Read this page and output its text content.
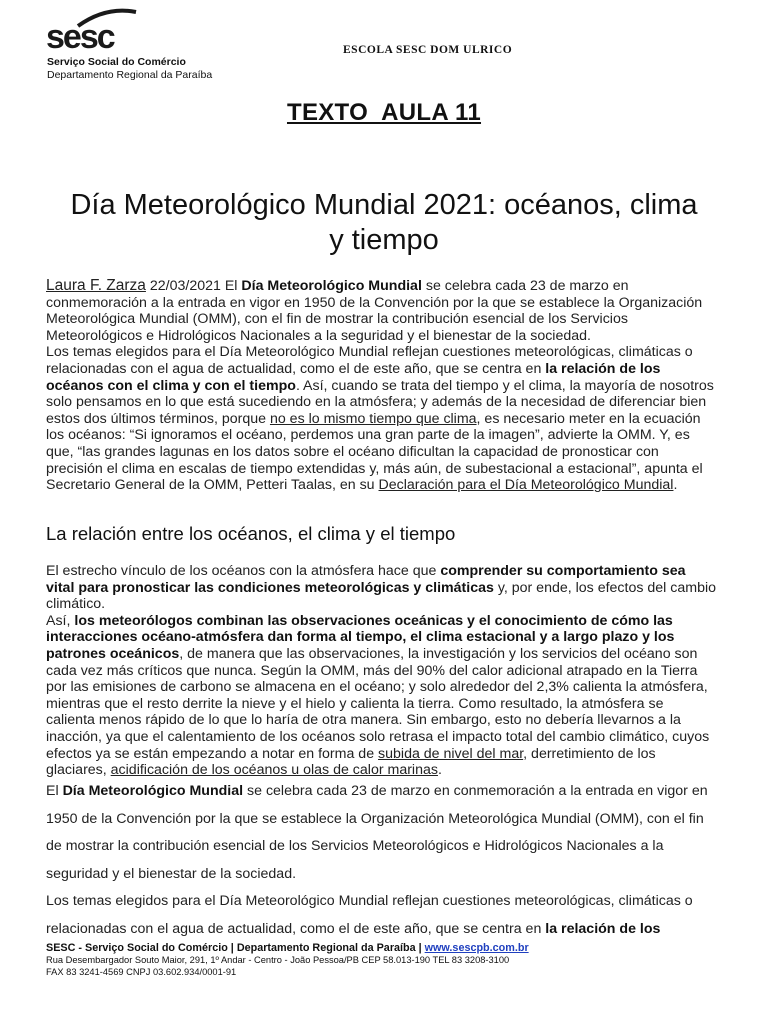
sesc
Serviço Social do Comércio
Departamento Regional da Paraíba
ESCOLA SESC DOM ULRICO
TEXTO  AULA 11
Día Meteorológico Mundial 2021: océanos, clima y tiempo

Laura F. Zarza 22/03/2021 El Día Meteorológico Mundial se celebra cada 23 de marzo en conmemoración a la entrada en vigor en 1950 de la Convención por la que se establece la Organización Meteorológica Mundial (OMM), con el fin de mostrar la contribución esencial de los Servicios Meteorológicos e Hidrológicos Nacionales a la seguridad y el bienestar de la sociedad.

Los temas elegidos para el Día Meteorológico Mundial reflejan cuestiones meteorológicas, climáticas o relacionadas con el agua de actualidad, como el de este año, que se centra en la relación de los océanos con el clima y con el tiempo. Así, cuando se trata del tiempo y el clima, la mayoría de nosotros solo pensamos en lo que está sucediendo en la atmósfera; y además de la necesidad de diferenciar bien estos dos últimos términos, porque no es lo mismo tiempo que clima, es necesario meter en la ecuación los océanos: “Si ignoramos el océano, perdemos una gran parte de la imagen”, advierte la OMM. Y, es que, “las grandes lagunas en los datos sobre el océano dificultan la capacidad de pronosticar con precisión el clima en escalas de tiempo extendidas y, más aún, de subestacional a estacional”, apunta el Secretario General de la OMM, Petteri Taalas, en su Declaración para el Día Meteorológico Mundial.

La relación entre los océanos, el clima y el tiempo

El estrecho vínculo de los océanos con la atmósfera hace que comprender su comportamiento sea vital para pronosticar las condiciones meteorológicas y climáticas y, por ende, los efectos del cambio climático.

Así, los meteorólogos combinan las observaciones oceánicas y el conocimiento de cómo las interacciones océano-atmósfera dan forma al tiempo, el clima estacional y a largo plazo y los patrones oceánicos, de manera que las observaciones, la investigación y los servicios del océano son cada vez más críticos que nunca. Según la OMM, más del 90% del calor adicional atrapado en la Tierra por las emisiones de carbono se almacena en el océano; y solo alrededor del 2,3% calienta la atmósfera, mientras que el resto derrite la nieve y el hielo y calienta la tierra. Como resultado, la atmósfera se calienta menos rápido de lo que lo haría de otra manera. Sin embargo, esto no debería llevarnos a la inacción, ya que el calentamiento de los océanos solo retrasa el impacto total del cambio climático, cuyos efectos ya se están empezando a notar en forma de subida de nivel del mar, derretimiento de los glaciares, acidificación de los océanos u olas de calor marinas.

El Día Meteorológico Mundial se celebra cada 23 de marzo en conmemoración a la entrada en vigor en 1950 de la Convención por la que se establece la Organización Meteorológica Mundial (OMM), con el fin de mostrar la contribución esencial de los Servicios Meteorológicos e Hidrológicos Nacionales a la seguridad y el bienestar de la sociedad.

Los temas elegidos para el Día Meteorológico Mundial reflejan cuestiones meteorológicas, climáticas o relacionadas con el agua de actualidad, como el de este año, que se centra en la relación de los

SESC - Serviço Social do Comércio | Departamento Regional da Paraíba | www.sescpb.com.br
Rua Desembargador Souto Maior, 291, 1º Andar - Centro - João Pessoa/PB CEP 58.013-190 TEL 83 3208-3100
FAX 83 3241-4569 CNPJ 03.602.934/0001-91
